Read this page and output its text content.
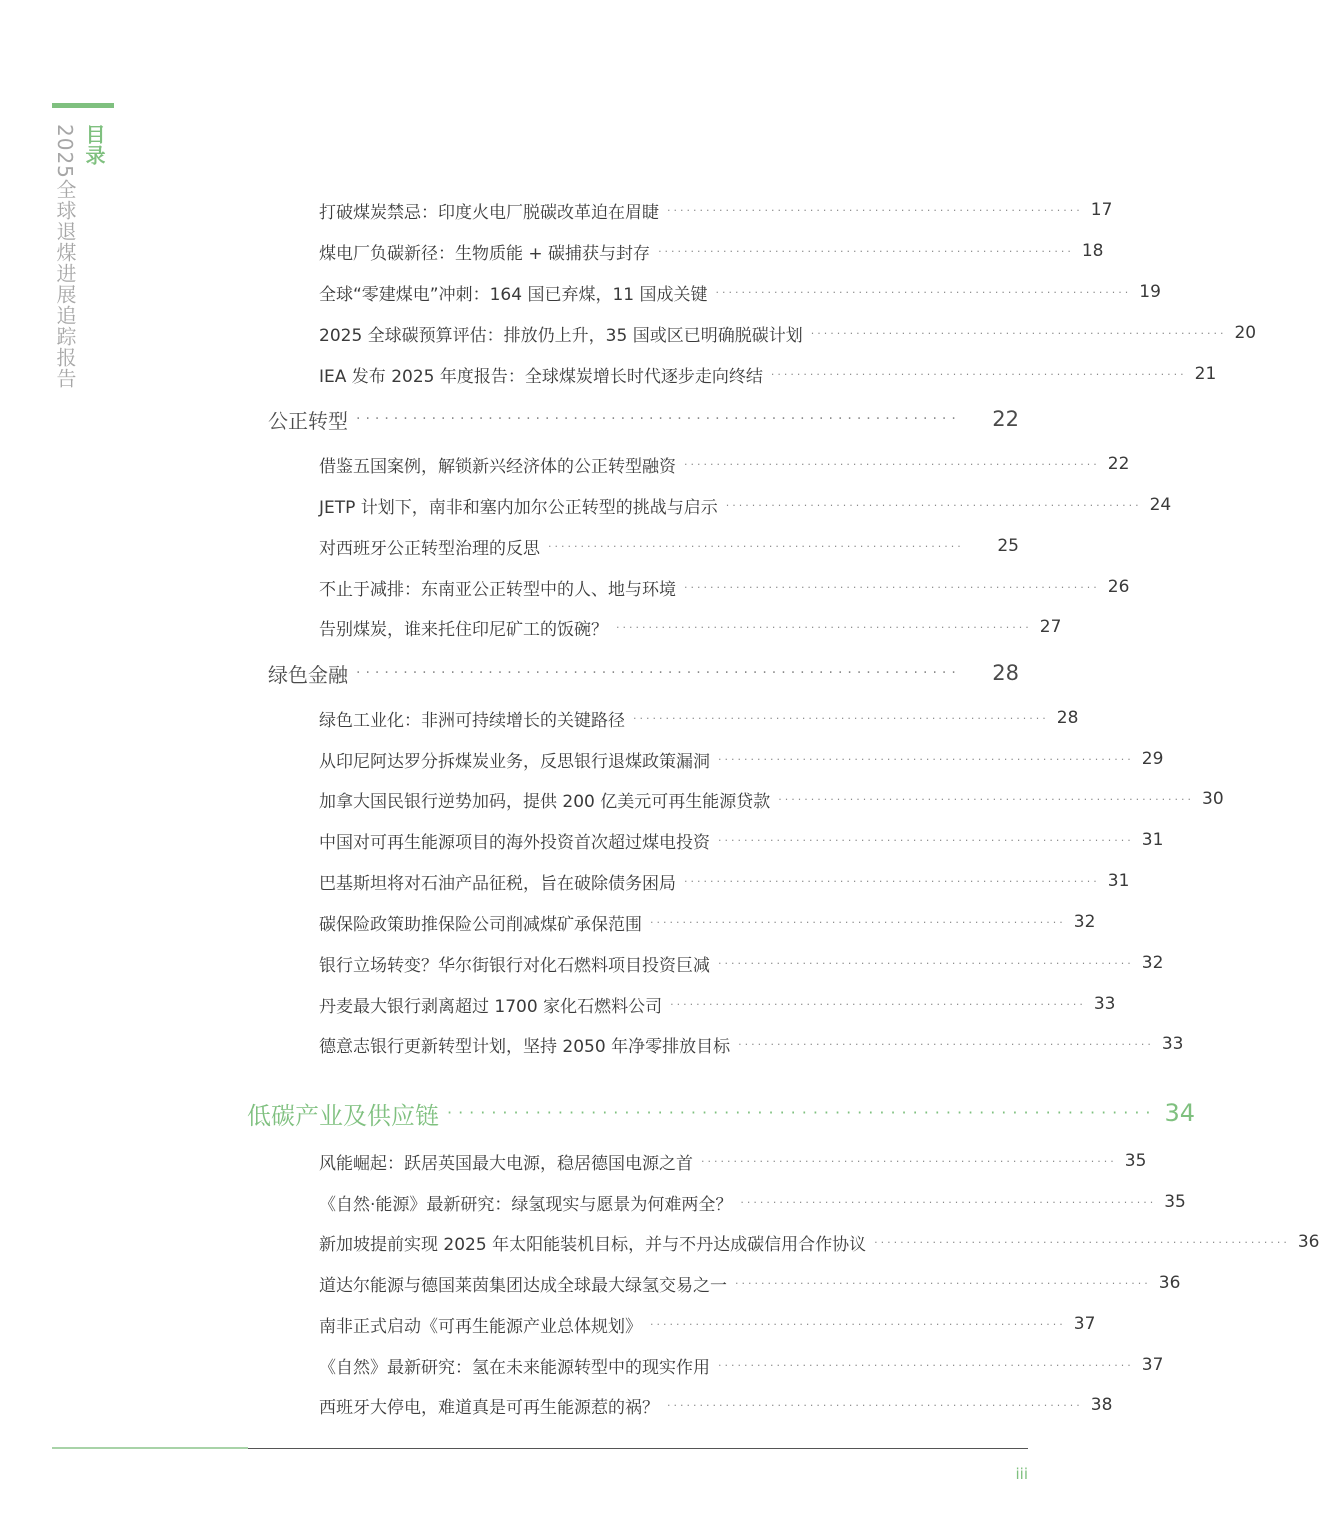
目录
2025全球退煤进展追踪报告	打破煤炭禁忌：印度火电厂脱碳改革迫在眉睫 ································································ 17
煤电厂负碳新径：生物质能 + 碳捕获与封存 ································································ 18
全球“零建煤电”冲刺：164 国已弃煤，11 国成关键 ································································ 19
2025 全球碳预算评估：排放仍上升，35 国或区已明确脱碳计划 ································································ 20
IEA 发布 2025 年度报告：全球煤炭增长时代逐步走向终结 ································································ 21
公正转型 ································································	22
借鉴五国案例，解锁新兴经济体的公正转型融资 ································································ 22
JETP 计划下，南非和塞内加尔公正转型的挑战与启示 ································································ 24
对西班牙公正转型治理的反思 ································································	25
不止于减排：东南亚公正转型中的人、地与环境 ································································ 26
告别煤炭，谁来托住印尼矿工的饭碗？ ································································ 27
绿色金融 ································································	28
绿色工业化：非洲可持续增长的关键路径 ································································ 28
从印尼阿达罗分拆煤炭业务，反思银行退煤政策漏洞 ································································ 29
加拿大国民银行逆势加码，提供 200 亿美元可再生能源贷款 ································································ 30
中国对可再生能源项目的海外投资首次超过煤电投资 ································································ 31
巴基斯坦将对石油产品征税，旨在破除债务困局 ································································ 31
碳保险政策助推保险公司削减煤矿承保范围 ································································ 32
银行立场转变？华尔街银行对化石燃料项目投资巨减 ································································ 32
丹麦最大银行剥离超过 1700 家化石燃料公司 ································································ 33
德意志银行更新转型计划，坚持 2050 年净零排放目标 ································································ 33
低碳产业及供应链 ································································ 34
风能崛起：跃居英国最大电源，稳居德国电源之首 ································································ 35
《自然·能源》最新研究：绿氢现实与愿景为何难两全？ ································································ 35
新加坡提前实现 2025 年太阳能装机目标，并与不丹达成碳信用合作协议 ································································ 36
道达尔能源与德国莱茵集团达成全球最大绿氢交易之一 ································································ 36
南非正式启动《可再生能源产业总体规划》 ································································ 37
《自然》最新研究：氢在未来能源转型中的现实作用 ································································ 37
西班牙大停电，难道真是可再生能源惹的祸？ ································································ 38
iii
